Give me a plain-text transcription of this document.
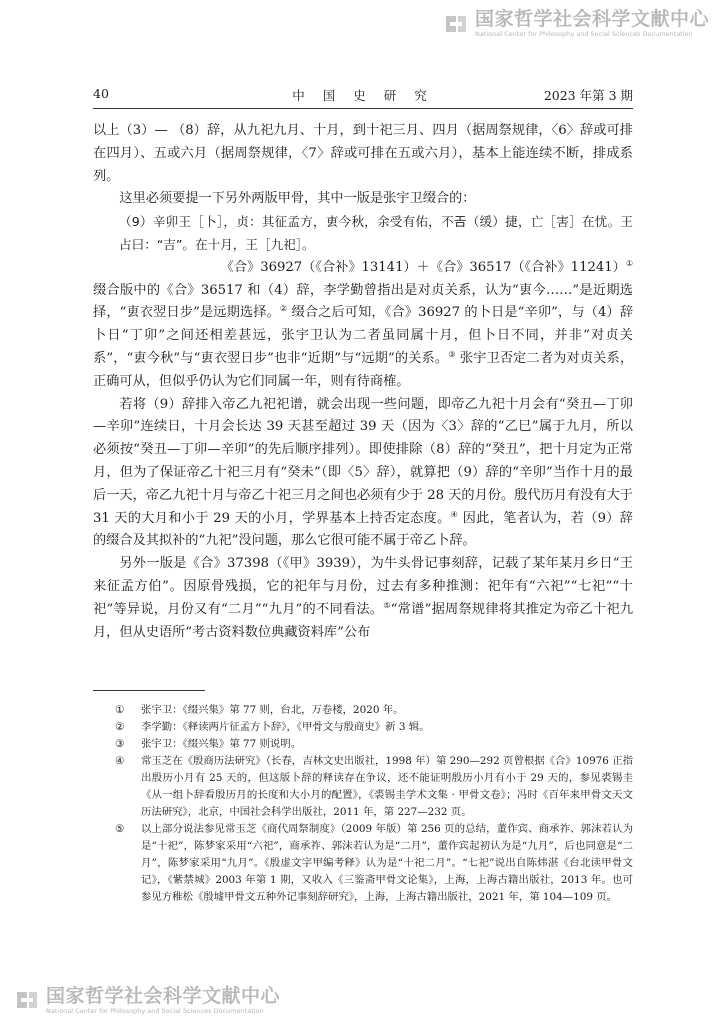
国家哲学社会科学文献中心
National Center for Philosophy and Social Sciences Documentation
40	中 国 史 研 究	2023 年第 3 期

以上（3）— （8）辞，从九祀九月、十月，到十祀三月、四月（据周祭规律，〈6〉辞或可排在四月）、五或六月（据周祭规律，〈7〉辞或可排在五或六月），基本上能连续不断，排成系列。

这里必须要提一下另外两版甲骨，其中一版是张宇卫缀合的：

（9）辛卯王［卜］，贞：其征孟方，叀今秋，余受有佑，不𢀛（缓）捷，亡［害］在忧。王占曰：“吉”。在十月，王［九祀］。

《合》36927（《合补》13141）＋《合》36517（《合补》11241）①

缀合版中的《合》36517 和（4）辞，李学勤曾指出是对贞关系，认为“叀今……”是近期选择，“叀衣翌日步”是远期选择。② 缀合之后可知，《合》36927 的卜日是“辛卯”，与（4）辞卜日“丁卯”之间还相差甚远，张宇卫认为二者虽同属十月，但卜日不同，并非“对贞关系”，“叀今秋”与“叀衣翌日步”也非“近期”与“远期”的关系。③ 张宇卫否定二者为对贞关系，正确可从，但似乎仍认为它们同属一年，则有待商榷。

若将（9）辞排入帝乙九祀祀谱，就会出现一些问题，即帝乙九祀十月会有“癸丑—丁卯—辛卯”连续日，十月会长达 39 天甚至超过 39 天（因为〈3〉辞的“乙巳”属于九月，所以必须按“癸丑—丁卯—辛卯”的先后顺序排列）。即使排除（8）辞的“癸丑”，把十月定为正常月，但为了保证帝乙十祀三月有“癸未”（即〈5〉辞），就算把（9）辞的“辛卯”当作十月的最后一天，帝乙九祀十月与帝乙十祀三月之间也必须有少于 28 天的月份。殷代历月有没有大于 31 天的大月和小于 29 天的小月，学界基本上持否定态度。④ 因此，笔者认为，若（9）辞的缀合及其拟补的“九祀”没问题，那么它很可能不属于帝乙卜辞。

另外一版是《合》37398（《甲》3939），为牛头骨记事刻辞，记载了某年某月乡日“王来征孟方伯”。因原骨残损，它的祀年与月份，过去有多种推测：祀年有“六祀”“七祀”“十祀”等异说，月份又有“二月”“九月”的不同看法。⑤“常谱”据周祭规律将其推定为帝乙十祀九月，但从史语所“考古资料数位典藏资料库”公布

①	张宇卫：《缀兴集》第 77 则，台北，万卷楼，2020 年。

②	李学勤：《释读两片征孟方卜辞》，《甲骨文与殷商史》新 3 辑。

③	张宇卫：《缀兴集》第 77 则说明。

④	常玉芝在《殷商历法研究》（长春，吉林文史出版社，1998 年）第 290—292 页曾根据《合》10976 正指出殷历小月有 25 天的，但这版卜辞的释读存在争议，还不能证明殷历小月有小于 29 天的，参见裘锡圭《从一组卜辞看殷历月的长度和大小月的配置》，《裘锡圭学术文集 · 甲骨文卷》；冯时《百年来甲骨文天文历法研究》，北京，中国社会科学出版社，2011 年，第 227—232 页。

⑤	以上部分说法参见常玉芝《商代周祭制度》（2009 年版）第 256 页的总结，董作宾、商承祚、郭沫若认为是“十祀”，陈梦家采用“六祀”，商承祚、郭沫若认为是“二月”，董作宾起初认为是“九月”，后也同意是“二月”，陈梦家采用“九月”。《殷虚文字甲编考释》认为是“十祀二月”。“七祀”说出自陈炜湛《台北读甲骨文记》，《紫禁城》2003 年第 1 期，又收入《三鉴斋甲骨文论集》，上海，上海古籍出版社，2013 年。也可参见方稚松《殷墟甲骨文五种外记事刻辞研究》，上海，上海古籍出版社，2021 年，第 104—109 页。

国家哲学社会科学文献中心
National Center for Philosophy and Social Sciences Documentation
